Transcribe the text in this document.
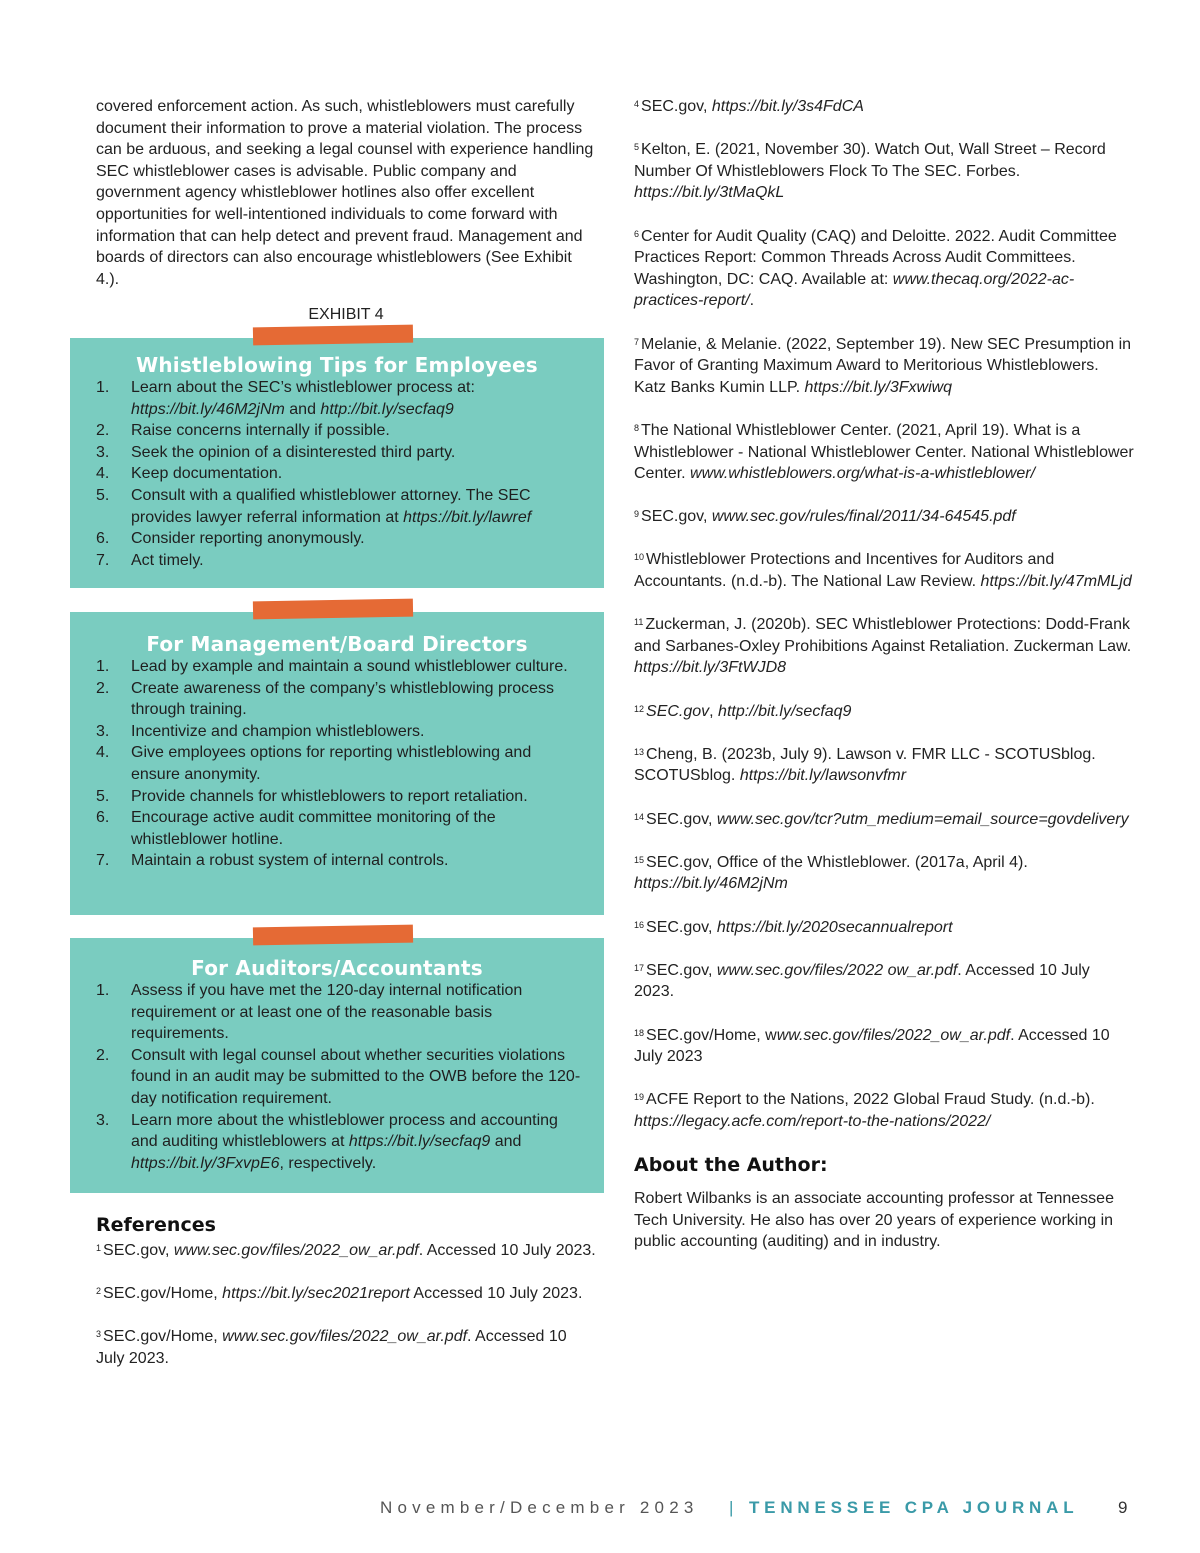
covered enforcement action. As such, whistleblowers must carefully document their information to prove a material violation. The process can be arduous, and seeking a legal counsel with experience handling SEC whistleblower cases is advisable. Public company and government agency whistleblower hotlines also offer excellent opportunities for well-intentioned individuals to come forward with information that can help detect and prevent fraud. Management and boards of directors can also encourage whistleblowers (See Exhibit 4.).

EXHIBIT 4

Whistleblowing Tips for Employees

1.	Learn about the SEC’s whistleblower process at: https://bit.ly/46M2jNm and http://bit.ly/secfaq9
2.	Raise concerns internally if possible.
3.	Seek the opinion of a disinterested third party.
4.	Keep documentation.
5.	Consult with a qualified whistleblower attorney. The SEC provides lawyer referral information at https://bit.ly/lawref
6.	Consider reporting anonymously.
7.	Act timely.

For Management/Board Directors

1.	Lead by example and maintain a sound whistleblower culture.
2.	Create awareness of the company’s whistleblowing process through training.
3.	Incentivize and champion whistleblowers.
4.	Give employees options for reporting whistleblowing and ensure anonymity.
5.	Provide channels for whistleblowers to report retaliation.
6.	Encourage active audit committee monitoring of the whistleblower hotline.
7.	Maintain a robust system of internal controls.

For Auditors/Accountants

1.	Assess if you have met the 120-day internal notification requirement or at least one of the reasonable basis requirements.
2.	Consult with legal counsel about whether securities violations found in an audit may be submitted to the OWB before the 120-day notification requirement.
3.	Learn more about the whistleblower process and accounting and auditing whistleblowers at https://bit.ly/secfaq9 and https://bit.ly/3FxvpE6, respectively.

References

$^1$ SEC.gov, www.sec.gov/files/2022_ow_ar.pdf. Accessed 10 July 2023.

$^2$ SEC.gov/Home, https://bit.ly/sec2021report Accessed 10 July 2023.

$^3$ SEC.gov/Home, www.sec.gov/files/2022_ow_ar.pdf. Accessed 10 July 2023.

$^4$ SEC.gov, https://bit.ly/3s4FdCA

$^5$ Kelton, E. (2021, November 30). Watch Out, Wall Street – Record Number Of Whistleblowers Flock To The SEC. Forbes. https://bit.ly/3tMaQkL

$^6$ Center for Audit Quality (CAQ) and Deloitte. 2022. Audit Committee Practices Report: Common Threads Across Audit Committees. Washington, DC: CAQ. Available at: www.thecaq.org/2022-ac-practices-report/.

$^7$ Melanie, & Melanie. (2022, September 19). New SEC Presumption in Favor of Granting Maximum Award to Meritorious Whistleblowers. Katz Banks Kumin LLP. https://bit.ly/3Fxwiwq

$^8$ The National Whistleblower Center. (2021, April 19). What is a Whistleblower - National Whistleblower Center. National Whistleblower Center. www.whistleblowers.org/what-is-a-whistleblower/

$^9$ SEC.gov, www.sec.gov/rules/final/2011/34-64545.pdf

$^{10}$ Whistleblower Protections and Incentives for Auditors and Accountants. (n.d.-b). The National Law Review. https://bit.ly/47mMLjd

$^{11}$ Zuckerman, J. (2020b). SEC Whistleblower Protections: Dodd-Frank and Sarbanes-Oxley Prohibitions Against Retaliation. Zuckerman Law. https://bit.ly/3FtWJD8

$^{12}$ SEC.gov, http://bit.ly/secfaq9

$^{13}$ Cheng, B. (2023b, July 9). Lawson v. FMR LLC - SCOTUSblog. SCOTUSblog. https://bit.ly/lawsonvfmr

$^{14}$ SEC.gov, www.sec.gov/tcr?utm_medium=email_source=govdelivery

$^{15}$ SEC.gov, Office of the Whistleblower. (2017a, April 4). https://bit.ly/46M2jNm

$^{16}$ SEC.gov, https://bit.ly/2020secannualreport

$^{17}$ SEC.gov, www.sec.gov/files/2022 ow_ar.pdf. Accessed 10 July 2023.

$^{18}$ SEC.gov/Home, www.sec.gov/files/2022_ow_ar.pdf. Accessed 10 July 2023

$^{19}$ ACFE Report to the Nations, 2022 Global Fraud Study. (n.d.-b). https://legacy.acfe.com/report-to-the-nations/2022/

About the Author:

Robert Wilbanks is an associate accounting professor at Tennessee Tech University. He also has over 20 years of experience working in public accounting (auditing) and in industry.

November/December 2023 | TENNESSEE CPA JOURNAL 9
